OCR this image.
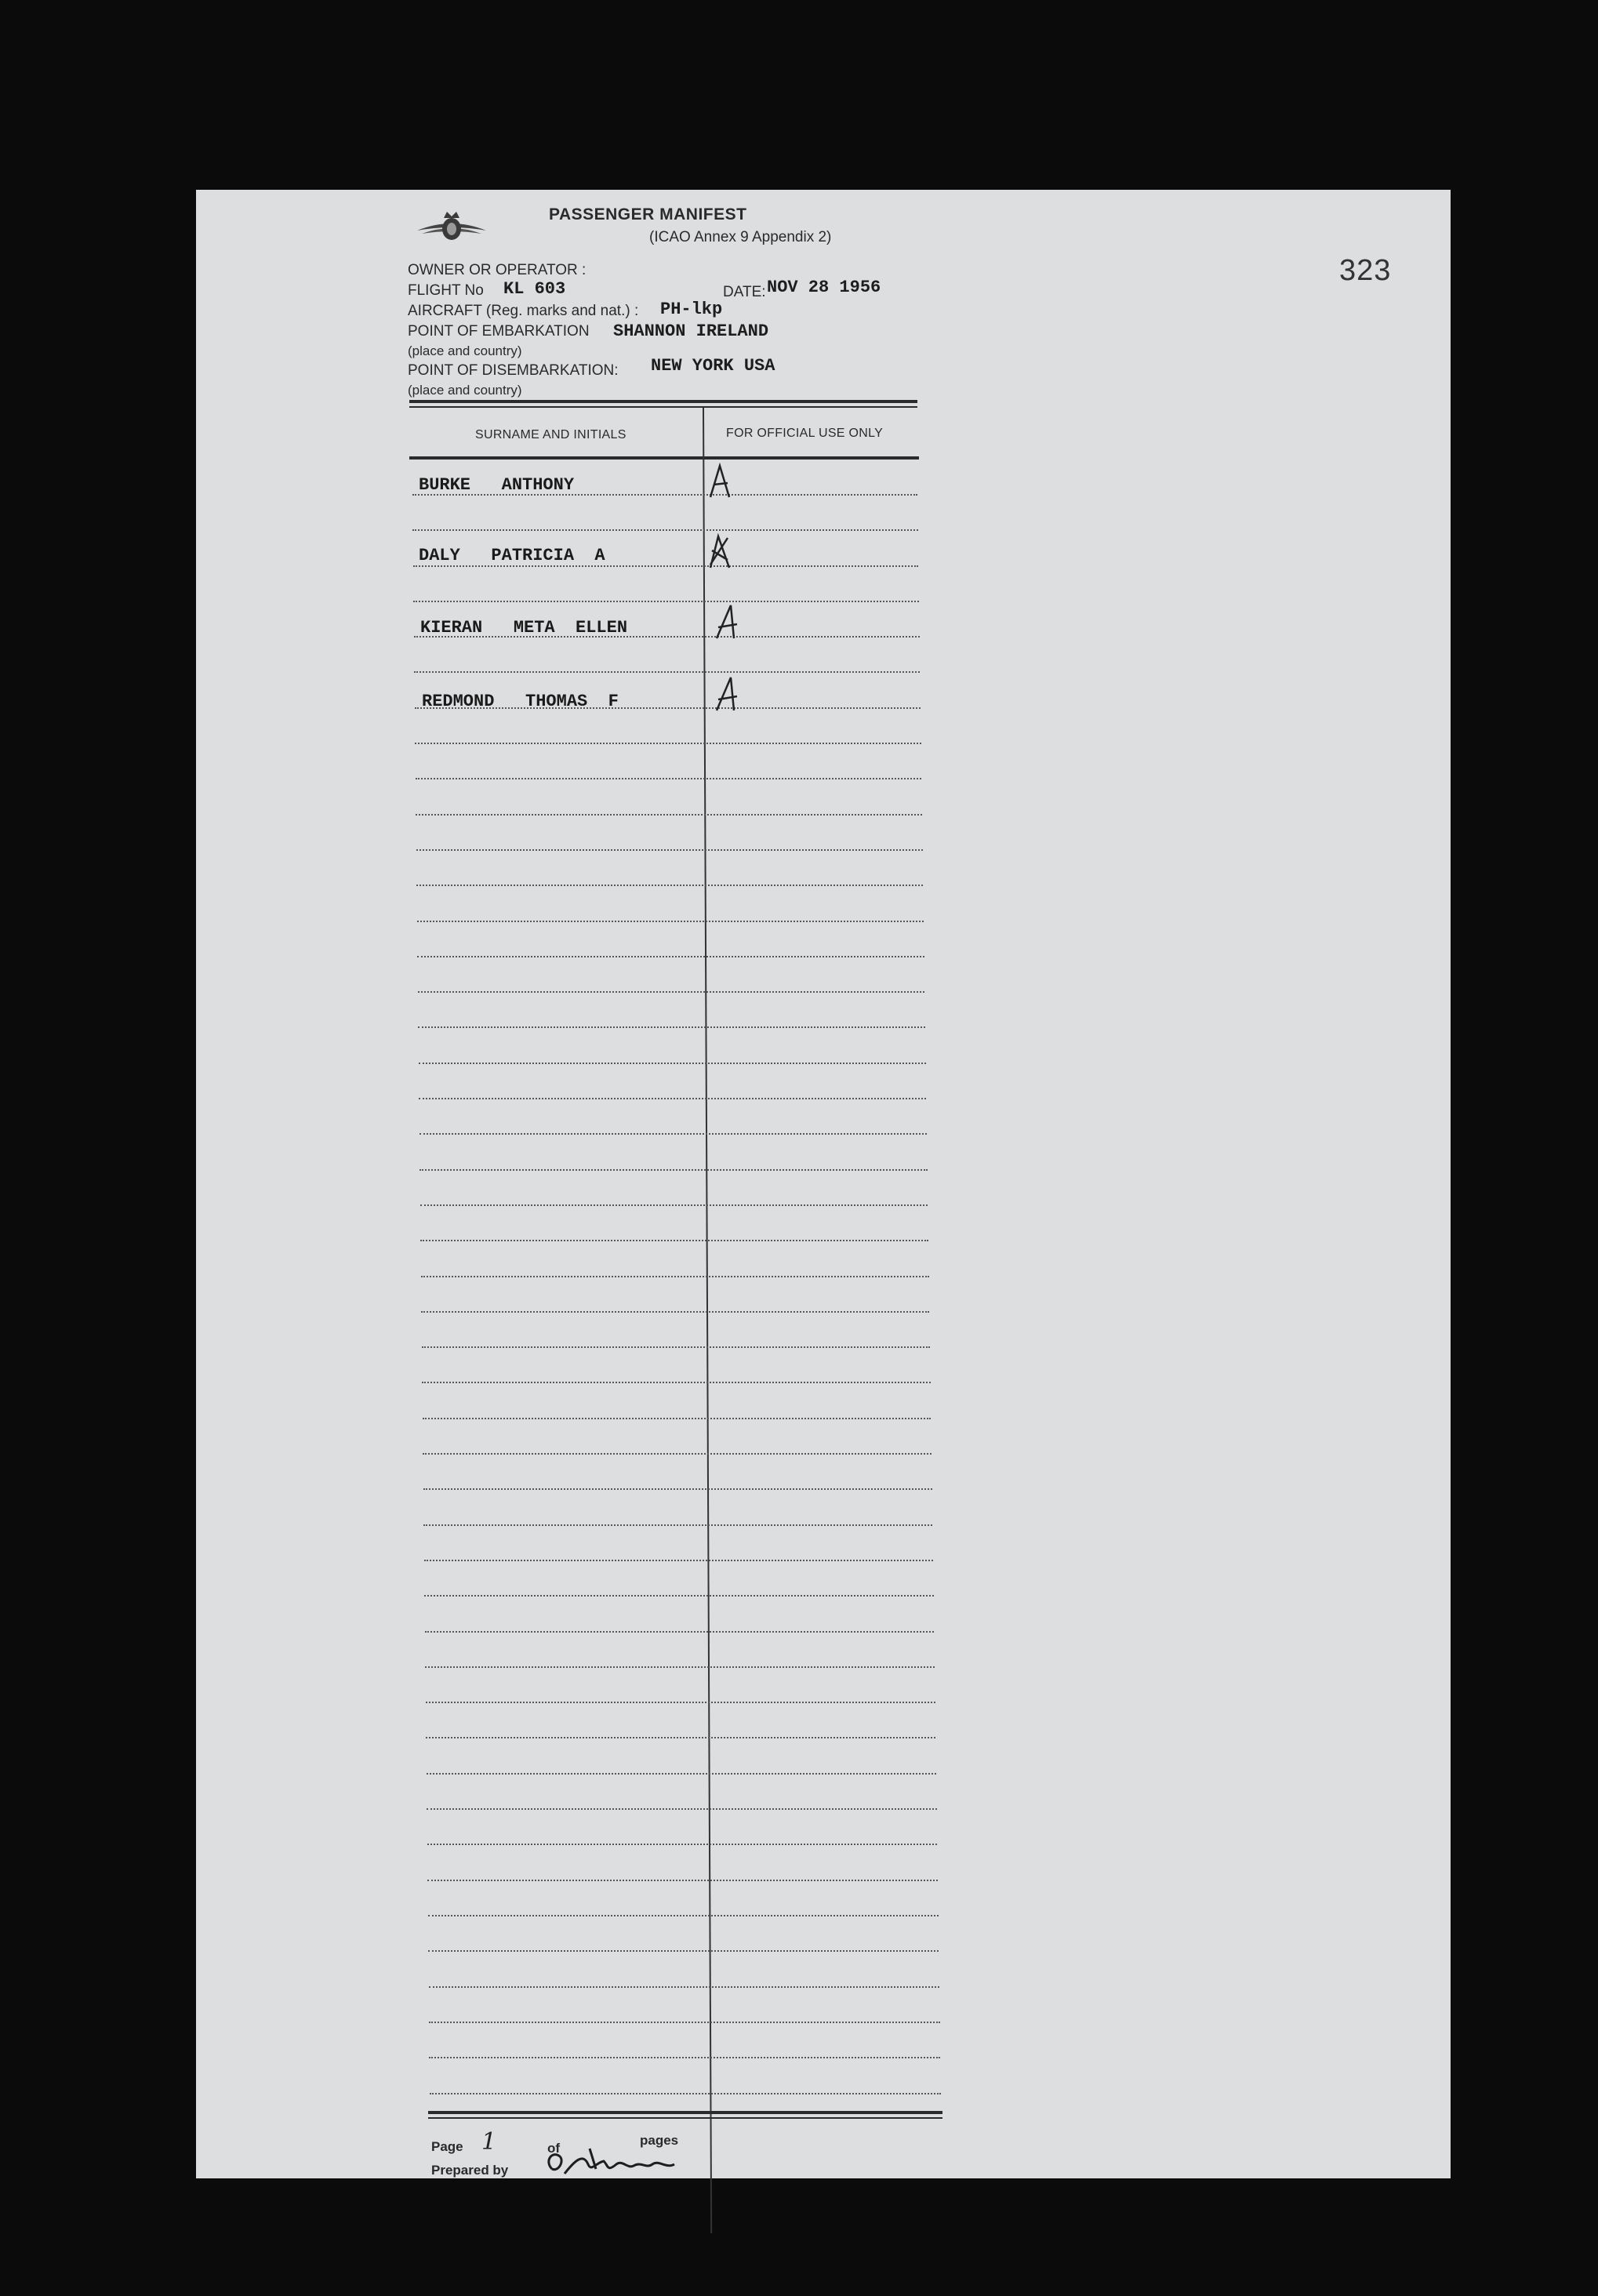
PASSENGER MANIFEST
(ICAO Annex 9 Appendix 2)
323
OWNER OR OPERATOR :
FLIGHT No KL 603	DATE: NOV 28 1956
AIRCRAFT (Reg. marks and nat.) : PH-lkp
POINT OF EMBARKATION SHANNON IRELAND
(place and country)
POINT OF DISEMBARKATION: NEW YORK USA
(place and country)
SURNAME AND INITIALS	FOR OFFICIAL USE ONLY
BURKE   ANTHONY
DALY   PATRICIA  A
KIERAN   META  ELLEN
REDMOND   THOMAS  F
Page 1	of
pages
Prepared by
